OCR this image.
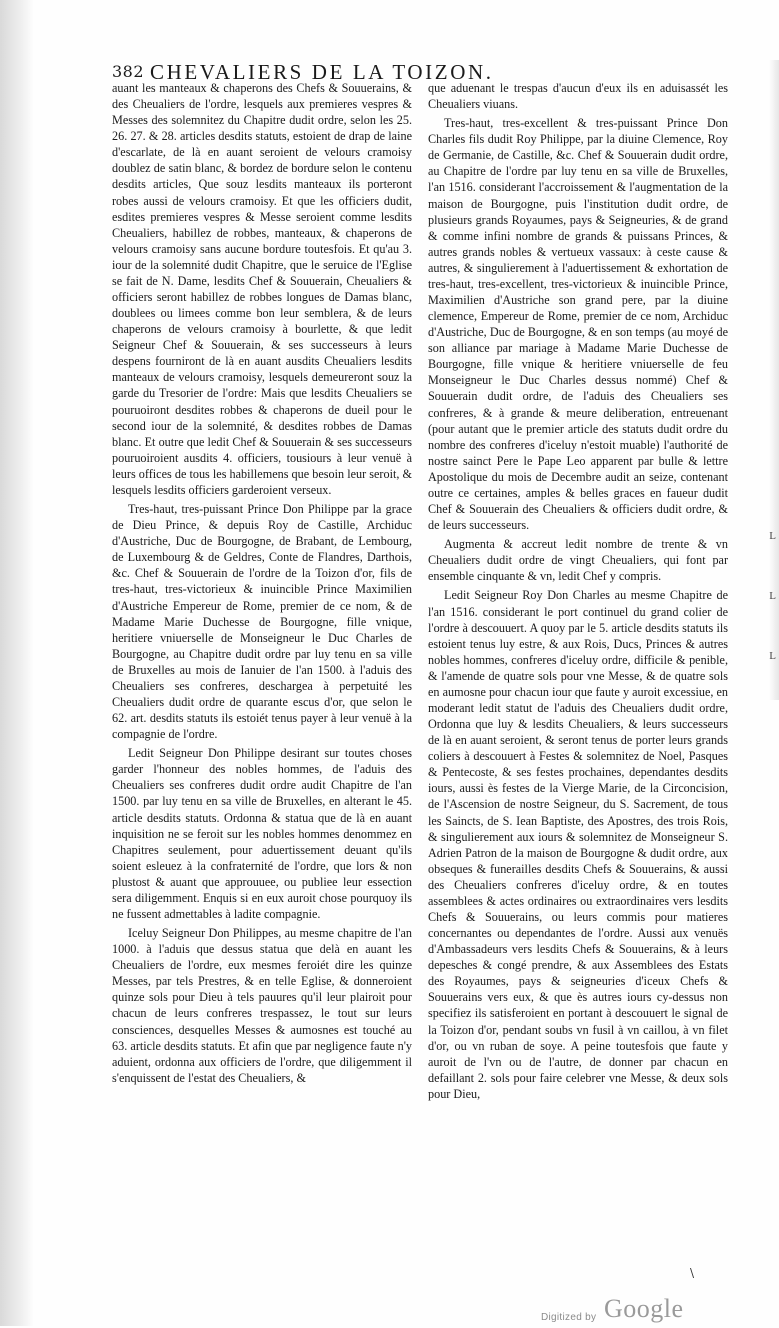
L
L
L
382 CHEVALIERS DE LA TOIZON.

auant les manteaux & chaperons des Chefs & Souuerains, & des Cheualiers de l'ordre, lesquels aux premieres vespres & Messes des solemnitez du Chapitre dudit ordre, selon les 25. 26. 27. & 28. articles desdits statuts, estoient de drap de laine d'escarlate, de là en auant seroient de velours cramoisy doublez de satin blanc, & bordez de bordure selon le contenu desdits articles, Que souz lesdits manteaux ils porteront robes aussi de velours cramoisy. Et que les officiers dudit, esdites premieres vespres & Messe seroient comme lesdits Cheualiers, habillez de robbes, manteaux, & chaperons de velours cramoisy sans aucune bordure toutesfois. Et qu'au 3. iour de la solemnité dudit Chapitre, que le seruice de l'Eglise se fait de N. Dame, lesdits Chef & Souuerain, Cheualiers & officiers seront habillez de robbes longues de Damas blanc, doublees ou limees comme bon leur semblera, & de leurs chaperons de velours cramoisy à bourlette, & que ledit Seigneur Chef & Souuerain, & ses successeurs à leurs despens fourniront de là en auant ausdits Cheualiers lesdits manteaux de velours cramoisy, lesquels demeureront souz la garde du Tresorier de l'ordre: Mais que lesdits Cheualiers se pouruoiront desdites robbes & chaperons de dueil pour le second iour de la solemnité, & desdites robbes de Damas blanc. Et outre que ledit Chef & Souuerain & ses successeurs pouruoiroient ausdits 4. officiers, tousiours à leur venuë à leurs offices de tous les habillemens que besoin leur seroit, & lesquels lesdits officiers garderoient verseux.

Tres-haut, tres-puissant Prince Don Philippe par la grace de Dieu Prince, & depuis Roy de Castille, Archiduc d'Austriche, Duc de Bourgogne, de Brabant, de Lembourg, de Luxembourg & de Geldres, Conte de Flandres, Darthois, &c. Chef & Souuerain de l'ordre de la Toizon d'or, fils de tres-haut, tres-victorieux & inuincible Prince Maximilien d'Austriche Empereur de Rome, premier de ce nom, & de Madame Marie Duchesse de Bourgogne, fille vnique, heritiere vniuerselle de Monseigneur le Duc Charles de Bourgogne, au Chapitre dudit ordre par luy tenu en sa ville de Bruxelles au mois de Ianuier de l'an 1500. à l'aduis des Cheualiers ses confreres, deschargea à perpetuité les Cheualiers dudit ordre de quarante escus d'or, que selon le 62. art. desdits statuts ils estoiét tenus payer à leur venuë à la compagnie de l'ordre.

Ledit Seigneur Don Philippe desirant sur toutes choses garder l'honneur des nobles hommes, de l'aduis des Cheualiers ses confreres dudit ordre audit Chapitre de l'an 1500. par luy tenu en sa ville de Bruxelles, en alterant le 45. article desdits statuts. Ordonna & statua que de là en auant inquisition ne se feroit sur les nobles hommes denommez en Chapitres seulement, pour aduertissement deuant qu'ils soient esleuez à la confraternité de l'ordre, que lors & non plustost & auant que approuuee, ou publiee leur essection sera diligemment. Enquis si en eux auroit chose pourquoy ils ne fussent admettables à ladite compagnie.

Iceluy Seigneur Don Philippes, au mesme chapitre de l'an 1000. à l'aduis que dessus statua que delà en auant les Cheualiers de l'ordre, eux mesmes feroiét dire les quinze Messes, par tels Prestres, & en telle Eglise, & donneroient quinze sols pour Dieu à tels pauures qu'il leur plairoit pour chacun de leurs confreres trespassez, le tout sur leurs consciences, desquelles Messes & aumosnes est touché au 63. article desdits statuts. Et afin que par negligence faute n'y aduient, ordonna aux officiers de l'ordre, que diligemment il s'enquissent de l'estat des Cheualiers, &

que aduenant le trespas d'aucun d'eux ils en aduisassét les Cheualiers viuans.

Tres-haut, tres-excellent & tres-puissant Prince Don Charles fils dudit Roy Philippe, par la diuine Clemence, Roy de Germanie, de Castille, &c. Chef & Souuerain dudit ordre, au Chapitre de l'ordre par luy tenu en sa ville de Bruxelles, l'an 1516. considerant l'accroissement & l'augmentation de la maison de Bourgogne, puis l'institution dudit ordre, de plusieurs grands Royaumes, pays & Seigneuries, & de grand & comme infini nombre de grands & puissans Princes, & autres grands nobles & vertueux vassaux: à ceste cause & autres, & singulierement à l'aduertissement & exhortation de tres-haut, tres-excellent, tres-victorieux & inuincible Prince, Maximilien d'Austriche son grand pere, par la diuine clemence, Empereur de Rome, premier de ce nom, Archiduc d'Austriche, Duc de Bourgogne, & en son temps (au moyé de son alliance par mariage à Madame Marie Duchesse de Bourgogne, fille vnique & heritiere vniuerselle de feu Monseigneur le Duc Charles dessus nommé) Chef & Souuerain dudit ordre, de l'aduis des Cheualiers ses confreres, & à grande & meure deliberation, entreuenant (pour autant que le premier article des statuts dudit ordre du nombre des confreres d'iceluy n'estoit muable) l'authorité de nostre sainct Pere le Pape Leo apparent par bulle & lettre Apostolique du mois de Decembre audit an seize, contenant outre ce certaines, amples & belles graces en faueur dudit Chef & Souuerain des Cheualiers & officiers dudit ordre, & de leurs successeurs.

Augmenta & accreut ledit nombre de trente & vn Cheualiers dudit ordre de vingt Cheualiers, qui font par ensemble cinquante & vn, ledit Chef y compris.

Ledit Seigneur Roy Don Charles au mesme Chapitre de l'an 1516. considerant le port continuel du grand colier de l'ordre à descouuert. A quoy par le 5. article desdits statuts ils estoient tenus luy estre, & aux Rois, Ducs, Princes & autres nobles hommes, confreres d'iceluy ordre, difficile & penible, & l'amende de quatre sols pour vne Messe, & de quatre sols en aumosne pour chacun iour que faute y auroit excessiue, en moderant ledit statut de l'aduis des Cheualiers dudit ordre, Ordonna que luy & lesdits Cheualiers, & leurs successeurs de là en auant seroient, & seront tenus de porter leurs grands coliers à descouuert à Festes & solemnitez de Noel, Pasques & Pentecoste, & ses festes prochaines, dependantes desdits iours, aussi ès festes de la Vierge Marie, de la Circoncision, de l'Ascension de nostre Seigneur, du S. Sacrement, de tous les Saincts, de S. Iean Baptiste, des Apostres, des trois Rois, & singulierement aux iours & solemnitez de Monseigneur S. Adrien Patron de la maison de Bourgogne & dudit ordre, aux obseques & funerailles desdits Chefs & Souuerains, & aussi des Cheualiers confreres d'iceluy ordre, & en toutes assemblees & actes ordinaires ou extraordinaires vers lesdits Chefs & Souuerains, ou leurs commis pour matieres concernantes ou dependantes de l'ordre. Aussi aux venuës d'Ambassadeurs vers lesdits Chefs & Souuerains, & à leurs depesches & congé prendre, & aux Assemblees des Estats des Royaumes, pays & seigneuries d'iceux Chefs & Souuerains vers eux, & que ès autres iours cy-dessus non specifiez ils satisferoient en portant à descouuert le signal de la Toizon d'or, pendant soubs vn fusil à vn caillou, à vn filet d'or, ou vn ruban de soye. A peine toutesfois que faute y auroit de l'vn ou de l'autre, de donner par chacun en defaillant 2. sols pour faire celebrer vne Messe, & deux sols pour Dieu,

\
Digitized by Google
